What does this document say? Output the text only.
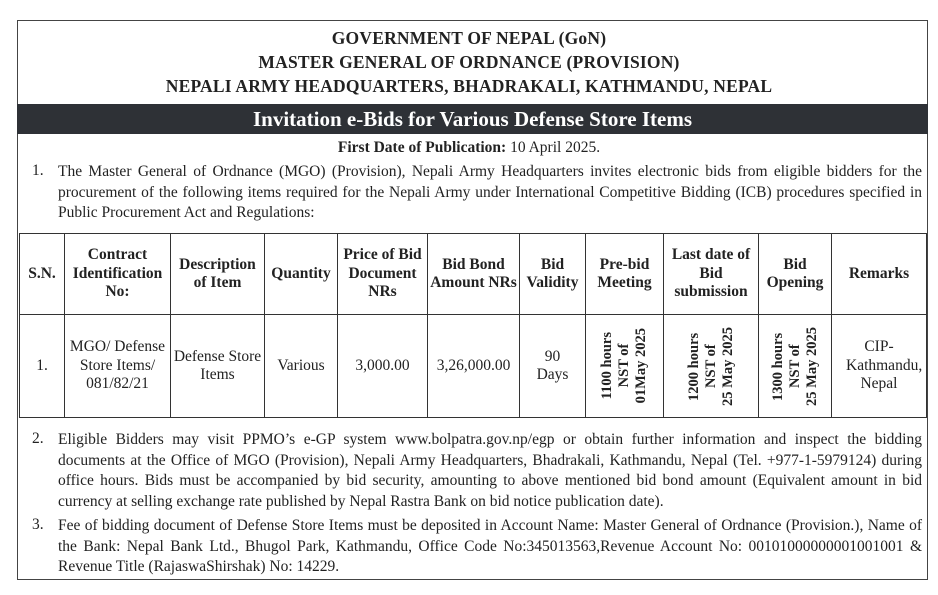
GOVERNMENT OF NEPAL (GoN)
MASTER GENERAL OF ORDNANCE (PROVISION)
NEPALI ARMY HEADQUARTERS, BHADRAKALI, KATHMANDU, NEPAL
Invitation e-Bids for Various Defense Store Items
First Date of Publication: 10 April 2025.
1. The Master General of Ordnance (MGO) (Provision), Nepali Army Headquarters invites electronic bids from eligible bidders for the procurement of the following items required for the Nepali Army under International Competitive Bidding (ICB) procedures specified in Public Procurement Act and Regulations:
S.N.	Contract Identification No:	Description of Item	Quantity	Price of Bid Document NRs	Bid Bond Amount NRs	Bid Validity	Pre-bid Meeting	Last date of Bid submission	Bid Opening	Remarks
1.	MGO/ Defense Store Items/ 081/82/21	Defense Store Items	Various	3,000.00	3,26,000.00	90 Days	1100 hours
NST of
01May 2025	1200 hours
NST of
25 May 2025	1300 hours
NST of
25 May 2025	CIP-Kathmandu, Nepal
2. Eligible Bidders may visit PPMO’s e-GP system www.bolpatra.gov.np/egp or obtain further information and inspect the bidding documents at the Office of MGO (Provision), Nepali Army Headquarters, Bhadrakali, Kathmandu, Nepal (Tel. +977-1-5979124) during office hours. Bids must be accompanied by bid security, amounting to above mentioned bid bond amount (Equivalent amount in bid currency at selling exchange rate published by Nepal Rastra Bank on bid notice publication date).
3. Fee of bidding document of Defense Store Items must be deposited in Account Name: Master General of Ordnance (Provision.), Name of the Bank: Nepal Bank Ltd., Bhugol Park, Kathmandu, Office Code No:345013563,Revenue Account No: 00101000000001001001 & Revenue Title (RajaswaShirshak) No: 14229.
